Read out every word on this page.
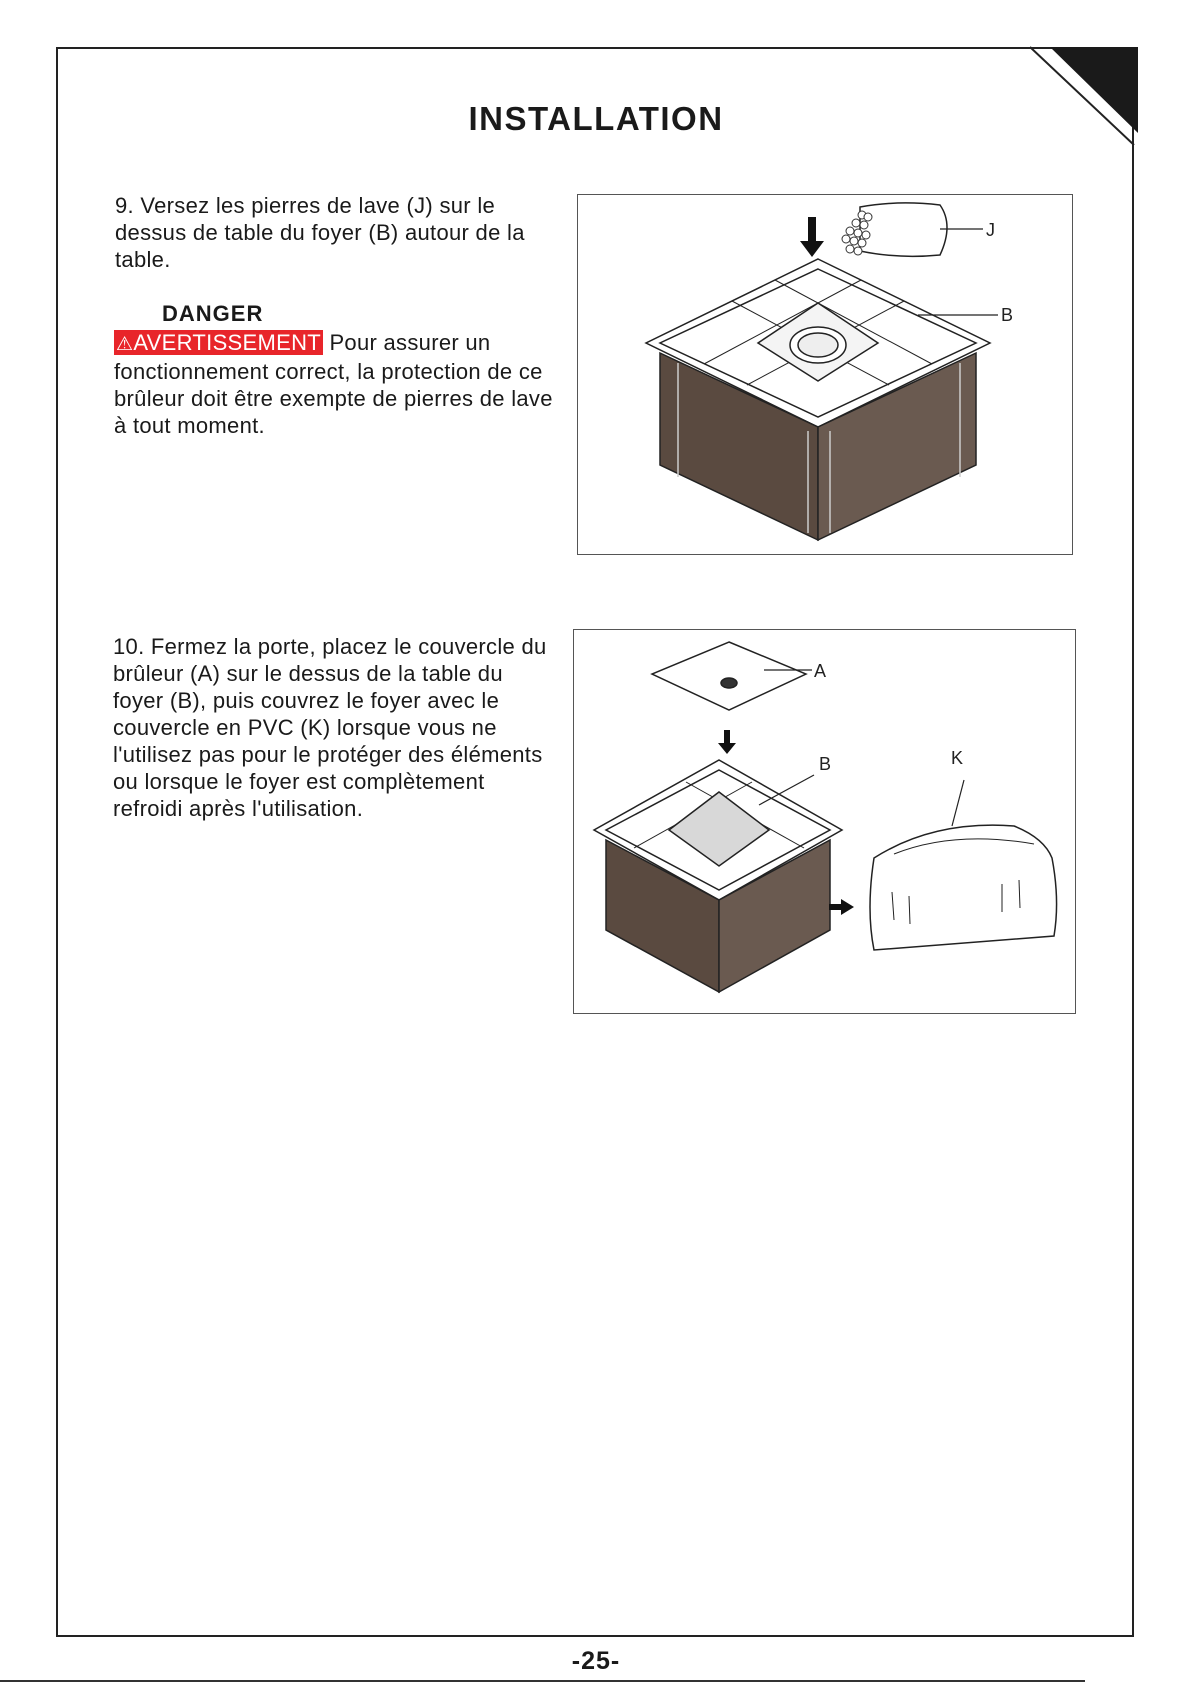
INSTALLATION

9. Versez les pierres de lave (J) sur le dessus de table du foyer (B) autour de la table.

DANGER
⚠AVERTISSEMENT Pour assurer un fonctionnement correct, la protection de ce brûleur doit être exempte de pierres de lave à tout moment.
J
B

10. Fermez la porte, placez le couvercle du brûleur (A) sur le dessus de la table du foyer (B), puis couvrez le foyer avec le couvercle en PVC (K) lorsque vous ne l'utilisez pas pour le protéger des éléments ou lorsque le foyer est complètement refroidi après l'utilisation.

A
B	K
-25-
